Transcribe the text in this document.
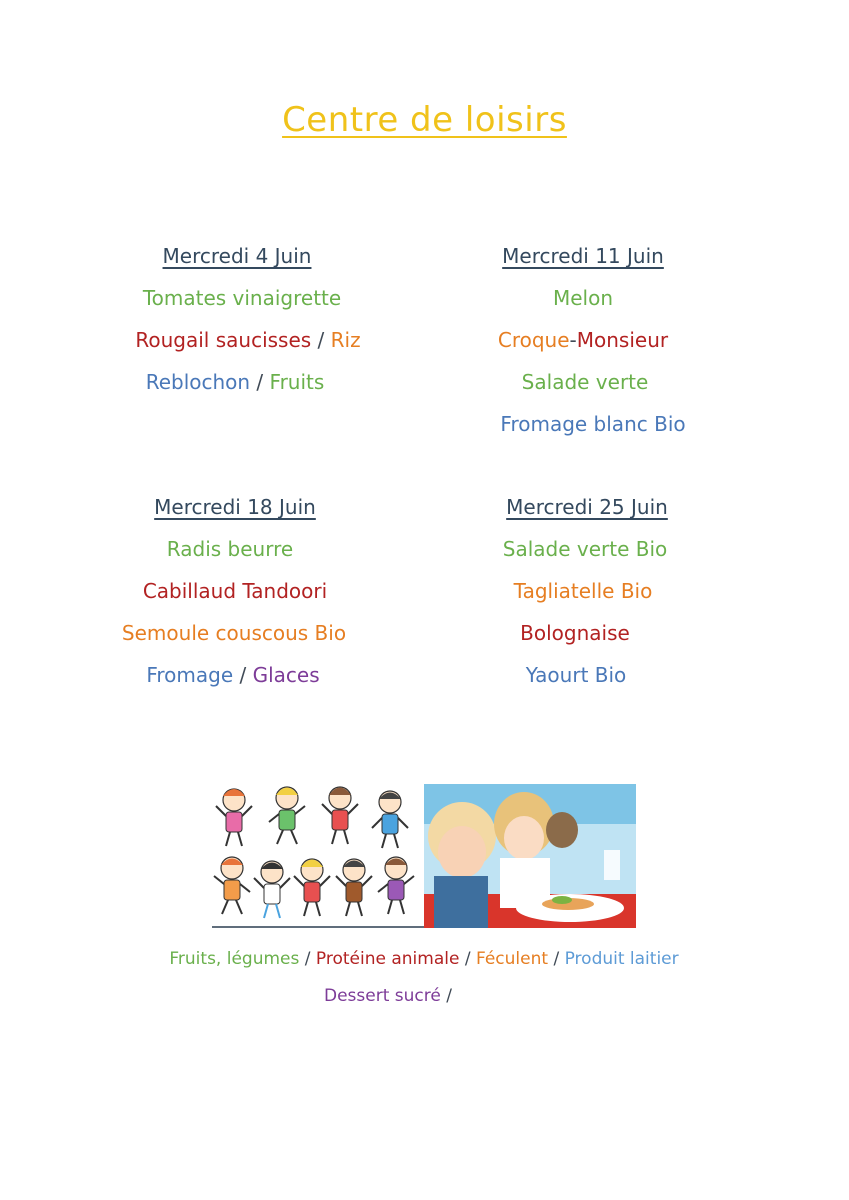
Centre de loisirs
Mercredi 4 Juin
Tomates vinaigrette
Rougail saucisses / Riz
Reblochon / Fruits
Mercredi 11 Juin
Melon
Croque-Monsieur
Salade verte
Fromage blanc Bio
Mercredi 18 Juin
Radis beurre
Cabillaud Tandoori
Semoule couscous Bio
Fromage / Glaces
Mercredi 25 Juin
Salade verte Bio
Tagliatelle Bio
Bolognaise
Yaourt Bio
Fruits, légumes / Protéine animale / Féculent / Produit laitier
Dessert sucré /
